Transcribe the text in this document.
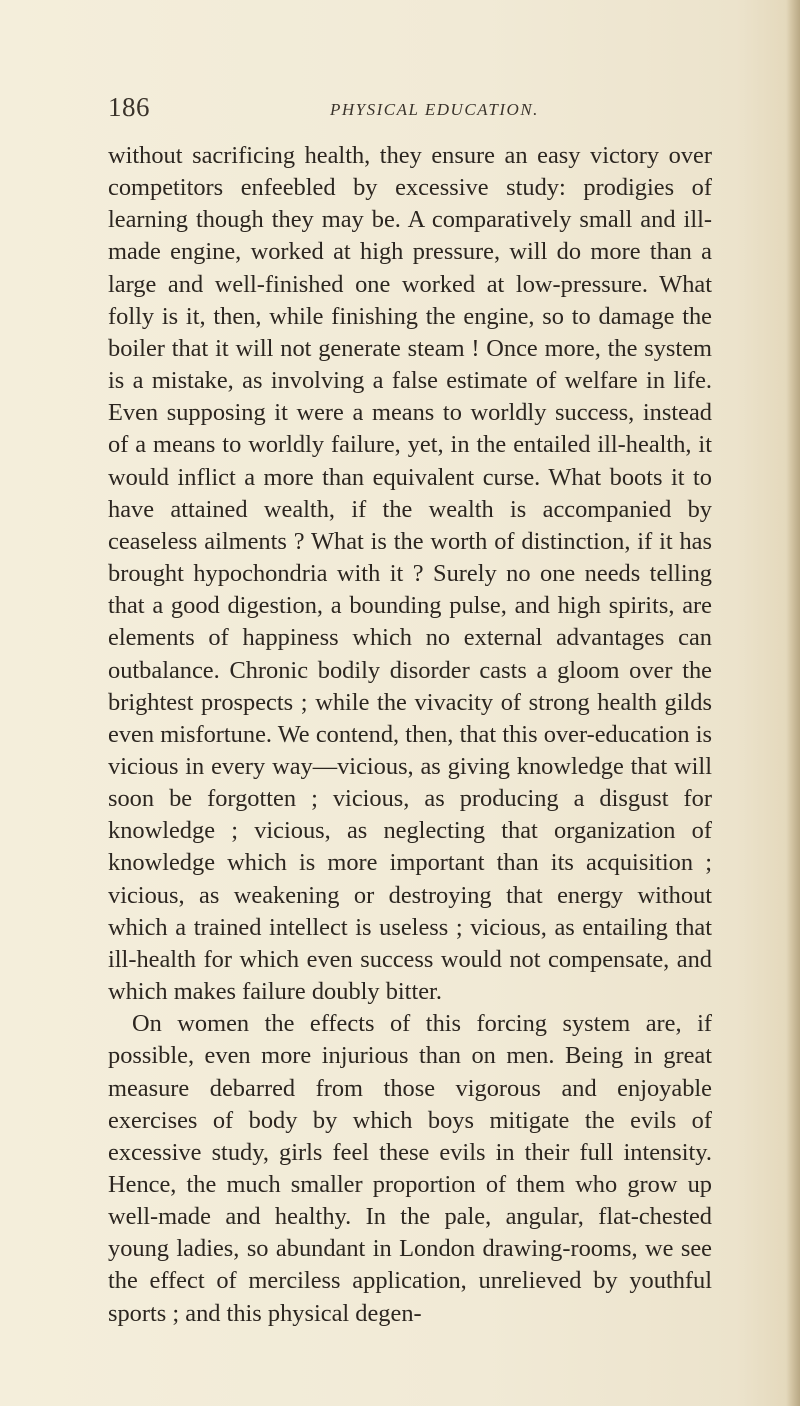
186	PHYSICAL EDUCATION.

without sacrificing health, they ensure an easy victory over competitors enfeebled by excessive study: prodigies of learning though they may be. A comparatively small and ill-made engine, worked at high pressure, will do more than a large and well-finished one worked at low-pressure. What folly is it, then, while finishing the engine, so to damage the boiler that it will not generate steam ! Once more, the system is a mistake, as involving a false estimate of welfare in life. Even supposing it were a means to worldly success, instead of a means to worldly failure, yet, in the entailed ill-health, it would inflict a more than equivalent curse. What boots it to have attained wealth, if the wealth is accompanied by ceaseless ailments ? What is the worth of distinction, if it has brought hypochondria with it ? Surely no one needs telling that a good digestion, a bounding pulse, and high spirits, are elements of happiness which no external advantages can outbalance. Chronic bodily disorder casts a gloom over the brightest prospects ; while the vivacity of strong health gilds even misfortune. We contend, then, that this over-education is vicious in every way—vicious, as giving knowledge that will soon be forgotten ; vicious, as producing a disgust for knowledge ; vicious, as neglecting that organization of knowledge which is more important than its acquisition ; vicious, as weakening or destroying that energy without which a trained intellect is useless ; vicious, as entailing that ill-health for which even success would not compensate, and which makes failure doubly bitter.

On women the effects of this forcing system are, if possible, even more injurious than on men. Being in great measure debarred from those vigorous and enjoyable exercises of body by which boys mitigate the evils of excessive study, girls feel these evils in their full intensity. Hence, the much smaller proportion of them who grow up well-made and healthy. In the pale, angular, flat-chested young ladies, so abundant in London drawing-rooms, we see the effect of merciless application, unrelieved by youthful sports ; and this physical degen-
